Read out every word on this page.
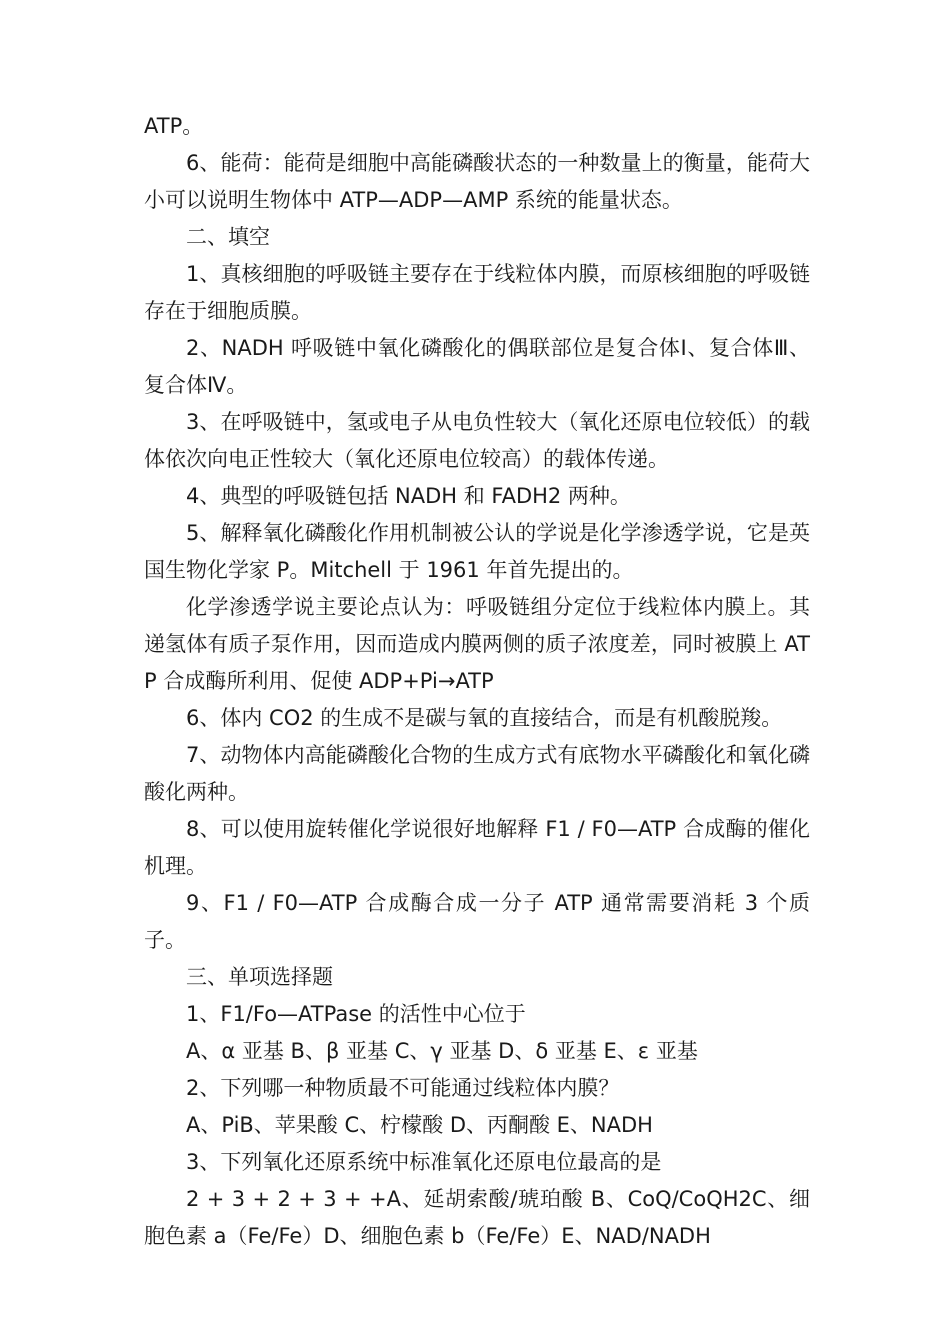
ATP。

6、能荷：能荷是细胞中高能磷酸状态的一种数量上的衡量，能荷大小可以说明生物体中 ATP—ADP—AMP 系统的能量状态。

二、填空

1、真核细胞的呼吸链主要存在于线粒体内膜，而原核细胞的呼吸链存在于细胞质膜。

2、NADH 呼吸链中氧化磷酸化的偶联部位是复合体Ⅰ、复合体Ⅲ、复合体Ⅳ。

3、在呼吸链中，氢或电子从电负性较大（氧化还原电位较低）的载体依次向电正性较大（氧化还原电位较高）的载体传递。

4、典型的呼吸链包括 NADH 和 FADH2 两种。

5、解释氧化磷酸化作用机制被公认的学说是化学渗透学说，它是英国生物化学家 P。Mitchell 于 1961 年首先提出的。

化学渗透学说主要论点认为：呼吸链组分定位于线粒体内膜上。其递氢体有质子泵作用，因而造成内膜两侧的质子浓度差，同时被膜上 ATP 合成酶所利用、促使 ADP+Pi→ATP

6、体内 CO2 的生成不是碳与氧的直接结合，而是有机酸脱羧。

7、动物体内高能磷酸化合物的生成方式有底物水平磷酸化和氧化磷酸化两种。

8、可以使用旋转催化学说很好地解释 F1 / F0—ATP 合成酶的催化机理。

9、F1 / F0—ATP 合成酶合成一分子 ATP 通常需要消耗 3 个质子。

三、单项选择题

1、F1/Fo—ATPase 的活性中心位于

A、α 亚基 B、β 亚基 C、γ 亚基 D、δ 亚基 E、ε 亚基

2、下列哪一种物质最不可能通过线粒体内膜？

A、PiB、苹果酸 C、柠檬酸 D、丙酮酸 E、NADH

3、下列氧化还原系统中标准氧化还原电位最高的是

2 + 3 + 2 + 3 + +A、延胡索酸/琥珀酸 B、CoQ/CoQH2C、细胞色素 a（Fe/Fe）D、细胞色素 b（Fe/Fe）E、NAD/NADH
